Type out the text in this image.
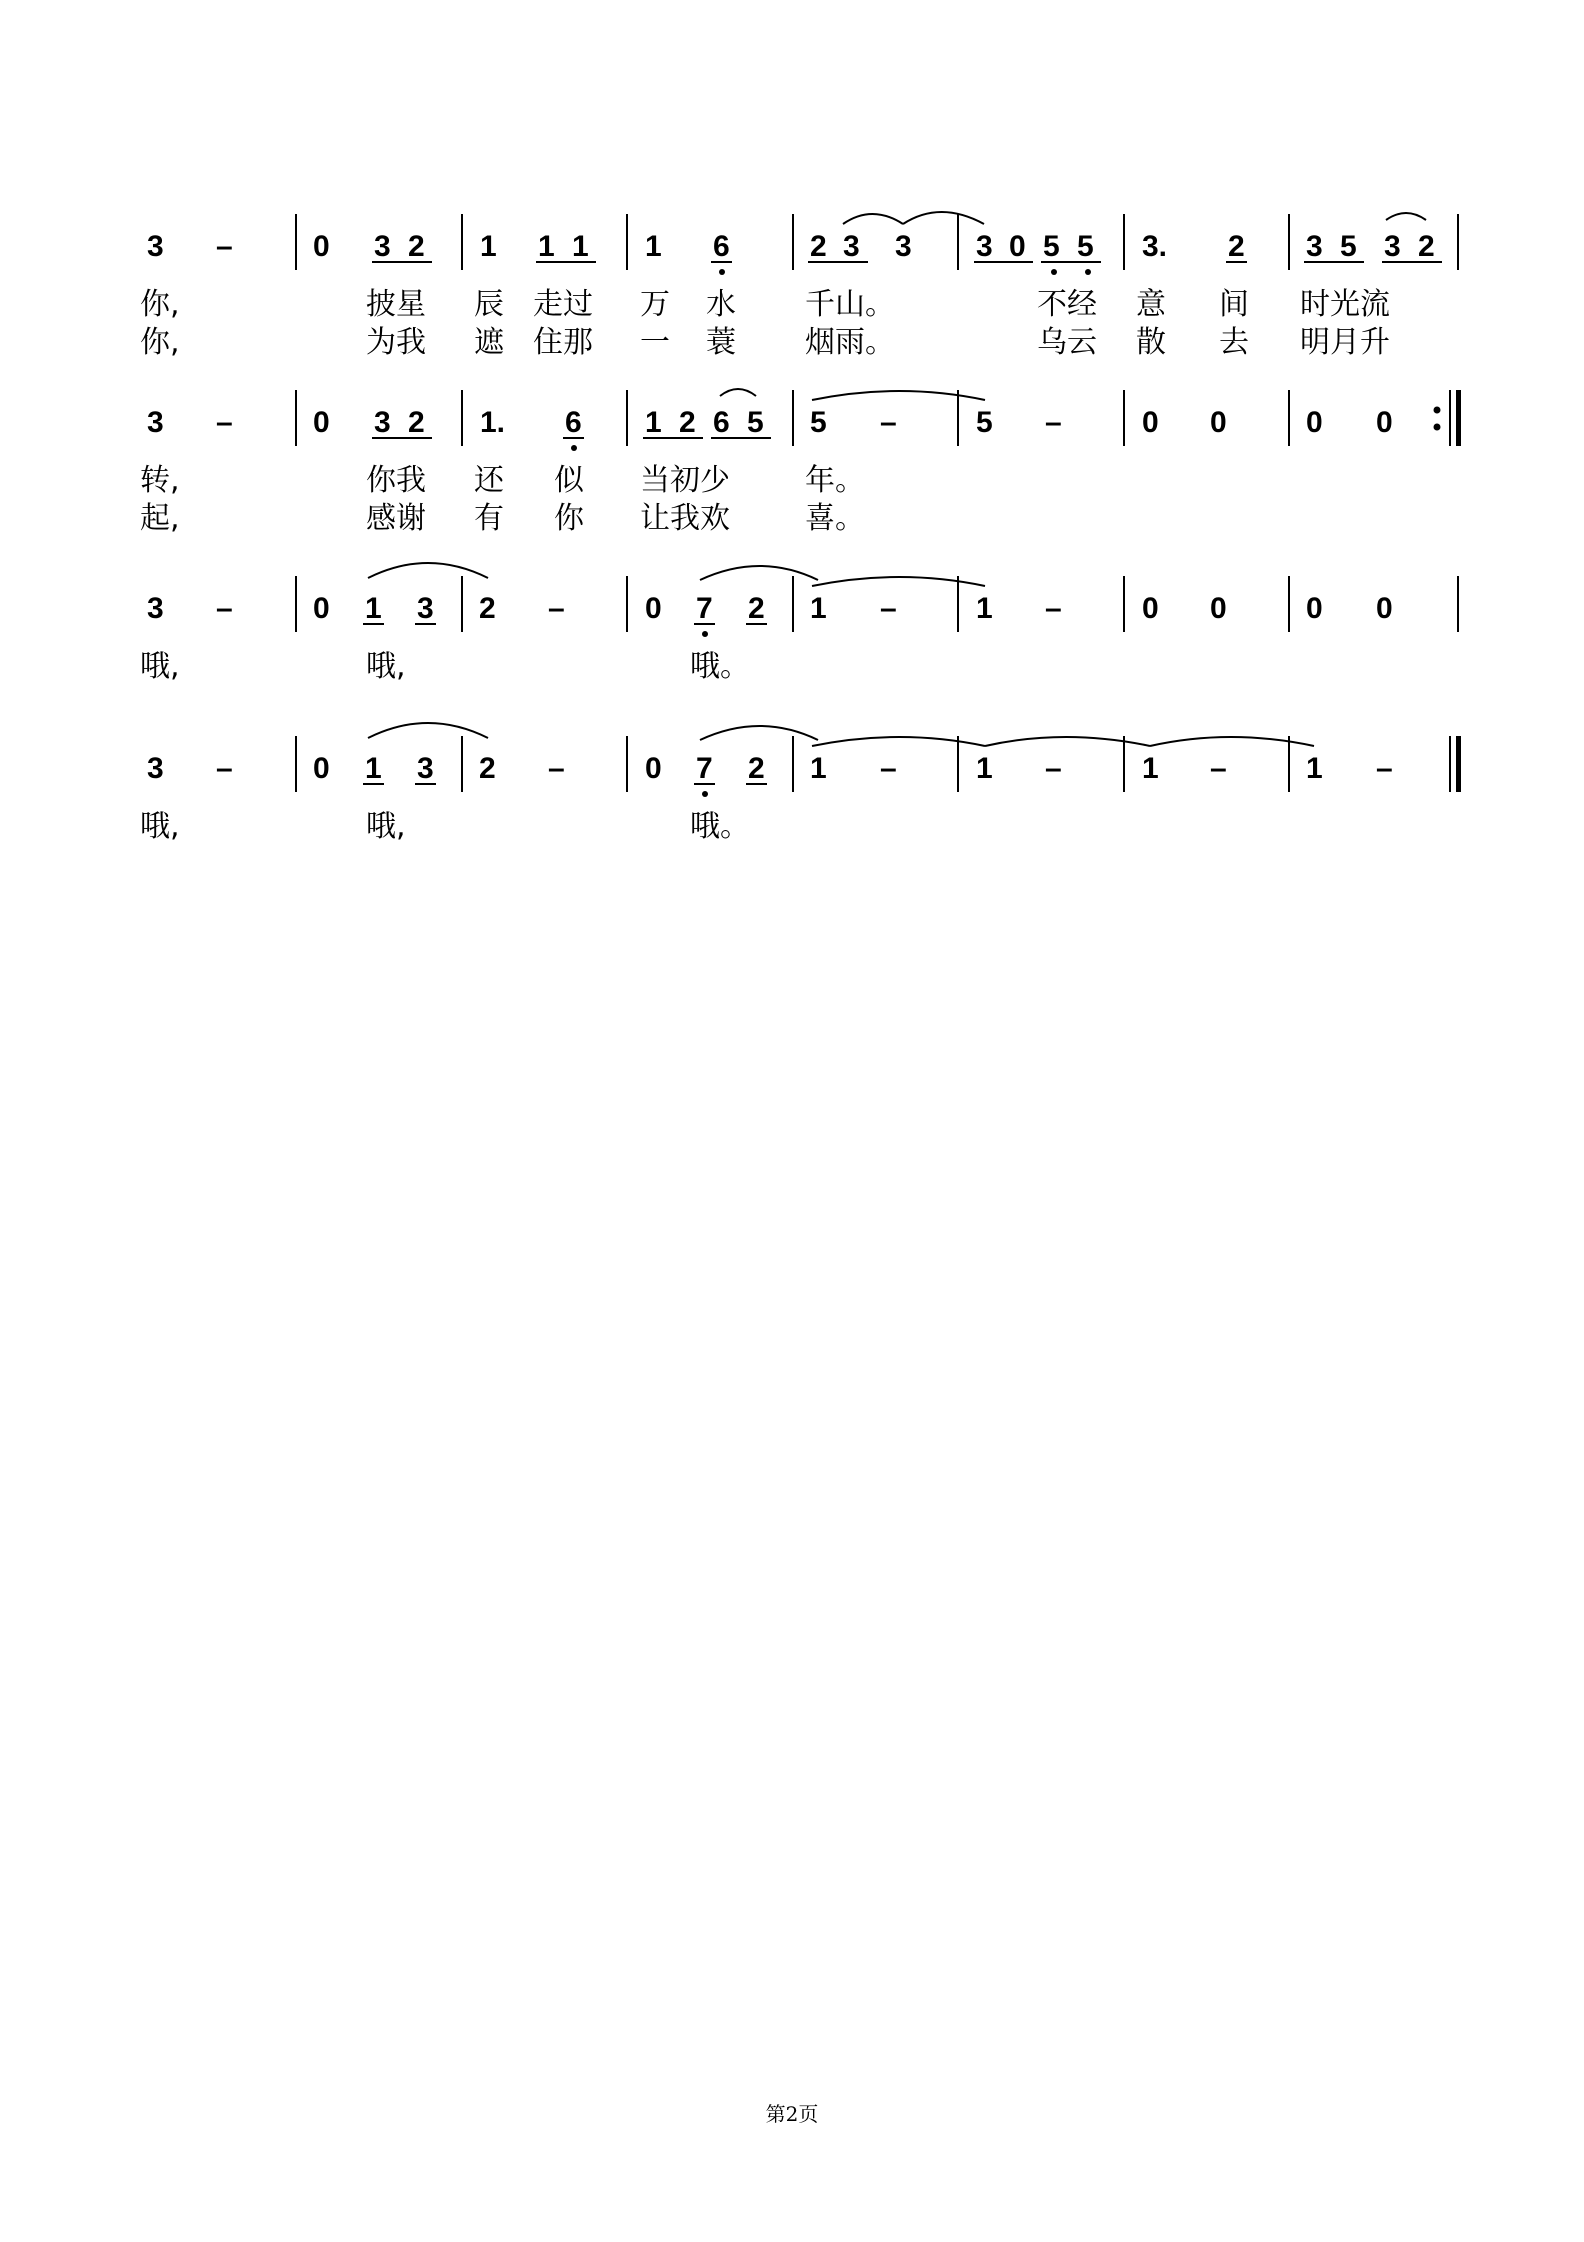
3 –	0 3 2 1 1 1 1 6	2 3 3 3 0 5 5 3. 2 3 5 3 2
你,	披星 辰 走过 万 水 千山。	不经 意 间 时光流
你,	为我 遮 住那 一 蓑 烟雨。	乌云 散 去 明月升
3 –	0 3 2 1. 6 1 2 6 5 5 –	5 –	0 0	0 0
转,	你我 还 似 当初少	年。
起,	感谢 有 你 让我欢	喜。
3 –	0 1 3 2 –	0 7 2 1 –	1 –	0 0	0 0
哦,	哦,	哦。
3 –	0 1 3 2 –	0 7 2 1 –	1 –	1 –	1 –
哦,	哦,	哦。
第2页
